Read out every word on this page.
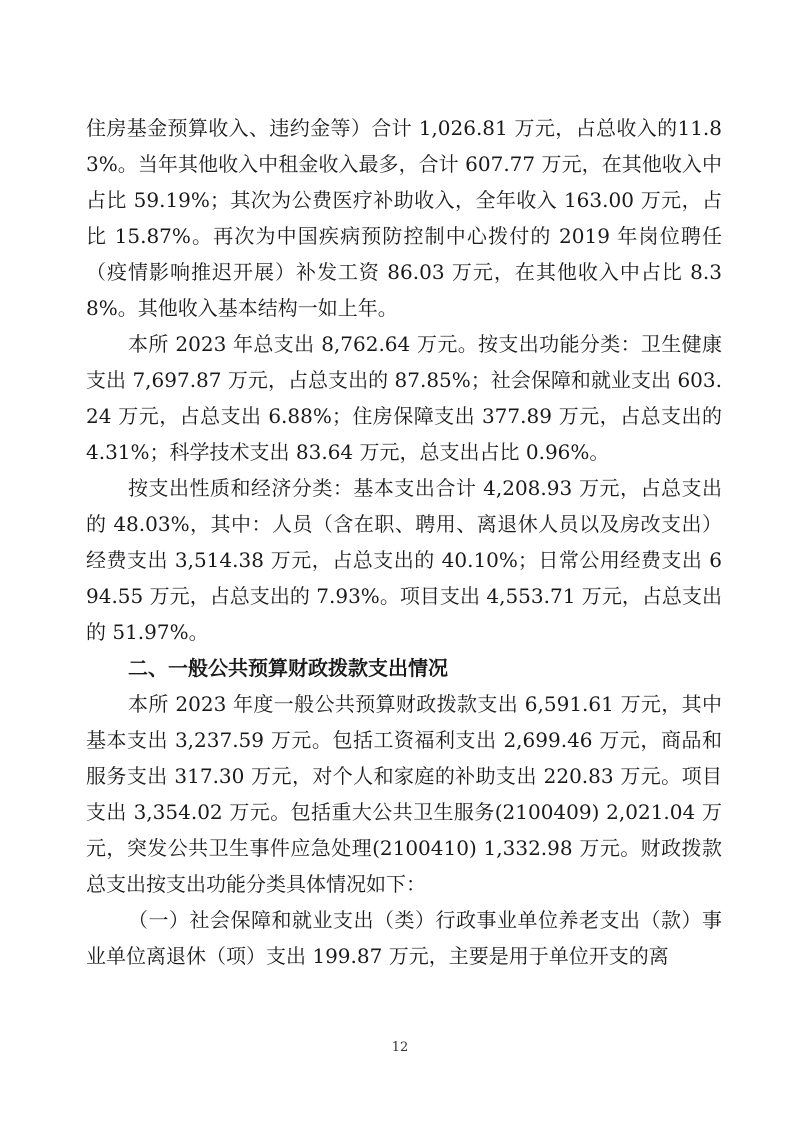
住房基金预算收入、违约金等）合计 1,026.81 万元，占总收入的11.83%。当年其他收入中租金收入最多，合计 607.77 万元，在其他收入中占比 59.19%；其次为公费医疗补助收入，全年收入 163.00 万元，占比 15.87%。再次为中国疾病预防控制中心拨付的 2019 年岗位聘任（疫情影响推迟开展）补发工资 86.03 万元，在其他收入中占比 8.38%。其他收入基本结构一如上年。

本所 2023 年总支出 8,762.64 万元。按支出功能分类：卫生健康支出 7,697.87 万元，占总支出的 87.85%；社会保障和就业支出 603.24 万元，占总支出 6.88%；住房保障支出 377.89 万元，占总支出的 4.31%；科学技术支出 83.64 万元，总支出占比 0.96%。

按支出性质和经济分类：基本支出合计 4,208.93 万元，占总支出的 48.03%，其中：人员（含在职、聘用、离退休人员以及房改支出）经费支出 3,514.38 万元，占总支出的 40.10%；日常公用经费支出 694.55 万元，占总支出的 7.93%。项目支出 4,553.71 万元，占总支出的 51.97%。

二、一般公共预算财政拨款支出情况

本所 2023 年度一般公共预算财政拨款支出 6,591.61 万元，其中基本支出 3,237.59 万元。包括工资福利支出 2,699.46 万元，商品和服务支出 317.30 万元，对个人和家庭的补助支出 220.83 万元。项目支出 3,354.02 万元。包括重大公共卫生服务(2100409) 2,021.04 万元，突发公共卫生事件应急处理(2100410) 1,332.98 万元。财政拨款总支出按支出功能分类具体情况如下：

（一）社会保障和就业支出（类）行政事业单位养老支出（款）事业单位离退休（项）支出 199.87 万元，主要是用于单位开支的离

12
